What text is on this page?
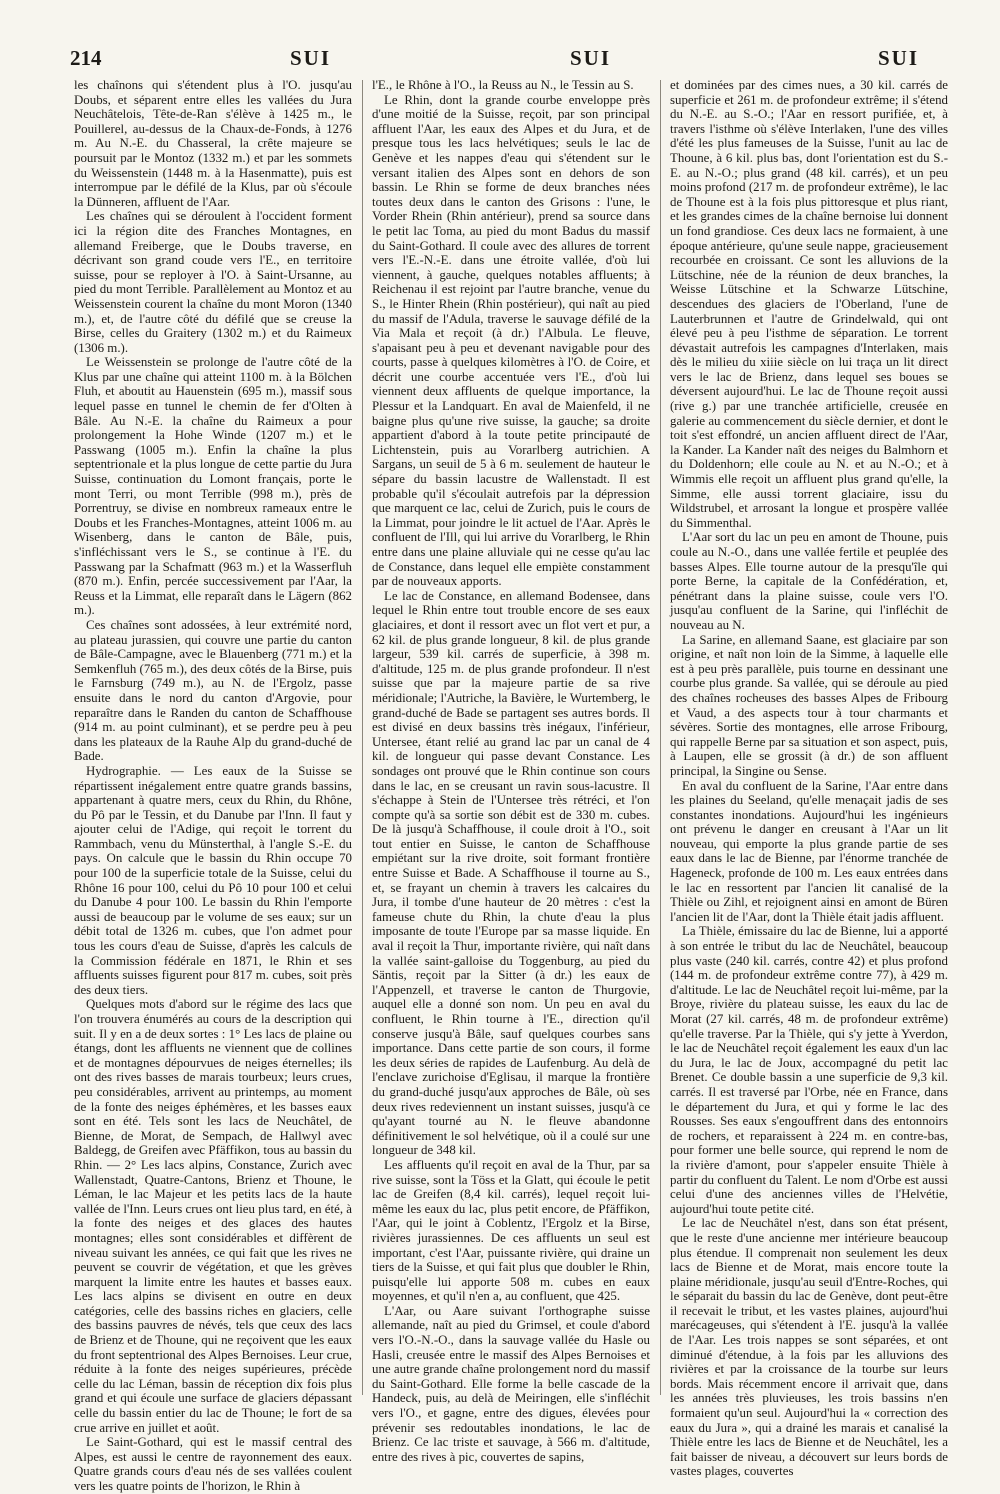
214	SUI	SUI	SUI

les chaînons qui s'étendent plus à l'O. jusqu'au Doubs, et séparent entre elles les vallées du Jura Neuchâtelois, Tête-de-Ran s'élève à 1425 m., le Pouillerel, au-dessus de la Chaux-de-Fonds, à 1276 m. Au N.-E. du Chasseral, la crête majeure se poursuit par le Montoz (1332 m.) et par les sommets du Weissenstein (1448 m. à la Hasenmatte), puis est interrompue par le défilé de la Klus, par où s'écoule la Dünneren, affluent de l'Aar.

Les chaînes qui se déroulent à l'occident forment ici la région dite des Franches Montagnes, en allemand Freiberge, que le Doubs traverse, en décrivant son grand coude vers l'E., en territoire suisse, pour se reployer à l'O. à Saint-Ursanne, au pied du mont Terrible. Parallèlement au Montoz et au Weissenstein courent la chaîne du mont Moron (1340 m.), et, de l'autre côté du défilé que se creuse la Birse, celles du Graitery (1302 m.) et du Raimeux (1306 m.).

Le Weissenstein se prolonge de l'autre côté de la Klus par une chaîne qui atteint 1100 m. à la Bölchen Fluh, et aboutit au Hauenstein (695 m.), massif sous lequel passe en tunnel le chemin de fer d'Olten à Bâle. Au N.-E. la chaîne du Raimeux a pour prolongement la Hohe Winde (1207 m.) et le Passwang (1005 m.). Enfin la chaîne la plus septentrionale et la plus longue de cette partie du Jura Suisse, continuation du Lomont français, porte le mont Terri, ou mont Terrible (998 m.), près de Porrentruy, se divise en nombreux rameaux entre le Doubs et les Franches-Montagnes, atteint 1006 m. au Wisenberg, dans le canton de Bâle, puis, s'infléchissant vers le S., se continue à l'E. du Passwang par la Schafmatt (963 m.) et la Wasserfluh (870 m.). Enfin, percée successivement par l'Aar, la Reuss et la Limmat, elle reparaît dans le Lägern (862 m.).

Ces chaînes sont adossées, à leur extrémité nord, au plateau jurassien, qui couvre une partie du canton de Bâle-Campagne, avec le Blauenberg (771 m.) et la Semkenfluh (765 m.), des deux côtés de la Birse, puis le Farnsburg (749 m.), au N. de l'Ergolz, passe ensuite dans le nord du canton d'Argovie, pour reparaître dans le Randen du canton de Schaffhouse (914 m. au point culminant), et se perdre peu à peu dans les plateaux de la Rauhe Alp du grand-duché de Bade.

Hydrographie. — Les eaux de la Suisse se répartissent inégalement entre quatre grands bassins, appartenant à quatre mers, ceux du Rhin, du Rhône, du Pô par le Tessin, et du Danube par l'Inn. Il faut y ajouter celui de l'Adige, qui reçoit le torrent du Rammbach, venu du Münsterthal, à l'angle S.-E. du pays. On calcule que le bassin du Rhin occupe 70 pour 100 de la superficie totale de la Suisse, celui du Rhône 16 pour 100, celui du Pô 10 pour 100 et celui du Danube 4 pour 100. Le bassin du Rhin l'emporte aussi de beaucoup par le volume de ses eaux; sur un débit total de 1326 m. cubes, que l'on admet pour tous les cours d'eau de Suisse, d'après les calculs de la Commission fédérale en 1871, le Rhin et ses affluents suisses figurent pour 817 m. cubes, soit près des deux tiers.

Quelques mots d'abord sur le régime des lacs que l'on trouvera énumérés au cours de la description qui suit. Il y en a de deux sortes : 1° Les lacs de plaine ou étangs, dont les affluents ne viennent que de collines et de montagnes dépourvues de neiges éternelles; ils ont des rives basses de marais tourbeux; leurs crues, peu considérables, arrivent au printemps, au moment de la fonte des neiges éphémères, et les basses eaux sont en été. Tels sont les lacs de Neuchâtel, de Bienne, de Morat, de Sempach, de Hallwyl avec Baldegg, de Greifen avec Pfäffikon, tous au bassin du Rhin. — 2° Les lacs alpins, Constance, Zurich avec Wallenstadt, Quatre-Cantons, Brienz et Thoune, le Léman, le lac Majeur et les petits lacs de la haute vallée de l'Inn. Leurs crues ont lieu plus tard, en été, à la fonte des neiges et des glaces des hautes montagnes; elles sont considérables et diffèrent de niveau suivant les années, ce qui fait que les rives ne peuvent se couvrir de végétation, et que les grèves marquent la limite entre les hautes et basses eaux. Les lacs alpins se divisent en outre en deux catégories, celle des bassins riches en glaciers, celle des bassins pauvres de névés, tels que ceux des lacs de Brienz et de Thoune, qui ne reçoivent que les eaux du front septentrional des Alpes Bernoises. Leur crue, réduite à la fonte des neiges supérieures, précède celle du lac Léman, bassin de réception dix fois plus grand et qui écoule une surface de glaciers dépassant celle du bassin entier du lac de Thoune; le fort de sa crue arrive en juillet et août.

Le Saint-Gothard, qui est le massif central des Alpes, est aussi le centre de rayonnement des eaux. Quatre grands cours d'eau nés de ses vallées coulent vers les quatre points de l'horizon, le Rhin à

l'E., le Rhône à l'O., la Reuss au N., le Tessin au S.

Le Rhin, dont la grande courbe enveloppe près d'une moitié de la Suisse, reçoit, par son principal affluent l'Aar, les eaux des Alpes et du Jura, et de presque tous les lacs helvétiques; seuls le lac de Genève et les nappes d'eau qui s'étendent sur le versant italien des Alpes sont en dehors de son bassin. Le Rhin se forme de deux branches nées toutes deux dans le canton des Grisons : l'une, le Vorder Rhein (Rhin antérieur), prend sa source dans le petit lac Toma, au pied du mont Badus du massif du Saint-Gothard. Il coule avec des allures de torrent vers l'E.-N.-E. dans une étroite vallée, d'où lui viennent, à gauche, quelques notables affluents; à Reichenau il est rejoint par l'autre branche, venue du S., le Hinter Rhein (Rhin postérieur), qui naît au pied du massif de l'Adula, traverse le sauvage défilé de la Via Mala et reçoit (à dr.) l'Albula. Le fleuve, s'apaisant peu à peu et devenant navigable pour des courts, passe à quelques kilomètres à l'O. de Coire, et décrit une courbe accentuée vers l'E., d'où lui viennent deux affluents de quelque importance, la Plessur et la Landquart. En aval de Maienfeld, il ne baigne plus qu'une rive suisse, la gauche; sa droite appartient d'abord à la toute petite principauté de Lichtenstein, puis au Vorarlberg autrichien. A Sargans, un seuil de 5 à 6 m. seulement de hauteur le sépare du bassin lacustre de Wallenstadt. Il est probable qu'il s'écoulait autrefois par la dépression que marquent ce lac, celui de Zurich, puis le cours de la Limmat, pour joindre le lit actuel de l'Aar. Après le confluent de l'Ill, qui lui arrive du Vorarlberg, le Rhin entre dans une plaine alluviale qui ne cesse qu'au lac de Constance, dans lequel elle empiète constamment par de nouveaux apports.

Le lac de Constance, en allemand Bodensee, dans lequel le Rhin entre tout trouble encore de ses eaux glaciaires, et dont il ressort avec un flot vert et pur, a 62 kil. de plus grande longueur, 8 kil. de plus grande largeur, 539 kil. carrés de superficie, à 398 m. d'altitude, 125 m. de plus grande profondeur. Il n'est suisse que par la majeure partie de sa rive méridionale; l'Autriche, la Bavière, le Wurtemberg, le grand-duché de Bade se partagent ses autres bords. Il est divisé en deux bassins très inégaux, l'inférieur, Untersee, étant relié au grand lac par un canal de 4 kil. de longueur qui passe devant Constance. Les sondages ont prouvé que le Rhin continue son cours dans le lac, en se creusant un ravin sous-lacustre. Il s'échappe à Stein de l'Untersee très rétréci, et l'on compte qu'à sa sortie son débit est de 330 m. cubes. De là jusqu'à Schaffhouse, il coule droit à l'O., soit tout entier en Suisse, le canton de Schaffhouse empiétant sur la rive droite, soit formant frontière entre Suisse et Bade. A Schaffhouse il tourne au S., et, se frayant un chemin à travers les calcaires du Jura, il tombe d'une hauteur de 20 mètres : c'est la fameuse chute du Rhin, la chute d'eau la plus imposante de toute l'Europe par sa masse liquide. En aval il reçoit la Thur, importante rivière, qui naît dans la vallée saint-galloise du Toggenburg, au pied du Säntis, reçoit par la Sitter (à dr.) les eaux de l'Appenzell, et traverse le canton de Thurgovie, auquel elle a donné son nom. Un peu en aval du confluent, le Rhin tourne à l'E., direction qu'il conserve jusqu'à Bâle, sauf quelques courbes sans importance. Dans cette partie de son cours, il forme les deux séries de rapides de Laufenburg. Au delà de l'enclave zurichoise d'Eglisau, il marque la frontière du grand-duché jusqu'aux approches de Bâle, où ses deux rives redeviennent un instant suisses, jusqu'à ce qu'ayant tourné au N. le fleuve abandonne définitivement le sol helvétique, où il a coulé sur une longueur de 348 kil.

Les affluents qu'il reçoit en aval de la Thur, par sa rive suisse, sont la Töss et la Glatt, qui écoule le petit lac de Greifen (8,4 kil. carrés), lequel reçoit lui-même les eaux du lac, plus petit encore, de Pfäffikon, l'Aar, qui le joint à Coblentz, l'Ergolz et la Birse, rivières jurassiennes. De ces affluents un seul est important, c'est l'Aar, puissante rivière, qui draine un tiers de la Suisse, et qui fait plus que doubler le Rhin, puisqu'elle lui apporte 508 m. cubes en eaux moyennes, et qu'il n'en a, au confluent, que 425.

L'Aar, ou Aare suivant l'orthographe suisse allemande, naît au pied du Grimsel, et coule d'abord vers l'O.-N.-O., dans la sauvage vallée du Hasle ou Hasli, creusée entre le massif des Alpes Bernoises et une autre grande chaîne prolongement nord du massif du Saint-Gothard. Elle forme la belle cascade de la Handeck, puis, au delà de Meiringen, elle s'infléchit vers l'O., et gagne, entre des digues, élevées pour prévenir ses redoutables inondations, le lac de Brienz. Ce lac triste et sauvage, à 566 m. d'altitude, entre des rives à pic, couvertes de sapins,

et dominées par des cimes nues, a 30 kil. carrés de superficie et 261 m. de profondeur extrême; il s'étend du N.-E. au S.-O.; l'Aar en ressort purifiée, et, à travers l'isthme où s'élève Interlaken, l'une des villes d'été les plus fameuses de la Suisse, l'unit au lac de Thoune, à 6 kil. plus bas, dont l'orientation est du S.-E. au N.-O.; plus grand (48 kil. carrés), et un peu moins profond (217 m. de profondeur extrême), le lac de Thoune est à la fois plus pittoresque et plus riant, et les grandes cimes de la chaîne bernoise lui donnent un fond grandiose. Ces deux lacs ne formaient, à une époque antérieure, qu'une seule nappe, gracieusement recourbée en croissant. Ce sont les alluvions de la Lütschine, née de la réunion de deux branches, la Weisse Lütschine et la Schwarze Lütschine, descendues des glaciers de l'Oberland, l'une de Lauterbrunnen et l'autre de Grindelwald, qui ont élevé peu à peu l'isthme de séparation. Le torrent dévastait autrefois les campagnes d'Interlaken, mais dès le milieu du xiiie siècle on lui traça un lit direct vers le lac de Brienz, dans lequel ses boues se déversent aujourd'hui. Le lac de Thoune reçoit aussi (rive g.) par une tranchée artificielle, creusée en galerie au commencement du siècle dernier, et dont le toit s'est effondré, un ancien affluent direct de l'Aar, la Kander. La Kander naît des neiges du Balmhorn et du Doldenhorn; elle coule au N. et au N.-O.; et à Wimmis elle reçoit un affluent plus grand qu'elle, la Simme, elle aussi torrent glaciaire, issu du Wildstrubel, et arrosant la longue et prospère vallée du Simmenthal.

L'Aar sort du lac un peu en amont de Thoune, puis coule au N.-O., dans une vallée fertile et peuplée des basses Alpes. Elle tourne autour de la presqu'île qui porte Berne, la capitale de la Confédération, et, pénétrant dans la plaine suisse, coule vers l'O. jusqu'au confluent de la Sarine, qui l'infléchit de nouveau au N.

La Sarine, en allemand Saane, est glaciaire par son origine, et naît non loin de la Simme, à laquelle elle est à peu près parallèle, puis tourne en dessinant une courbe plus grande. Sa vallée, qui se déroule au pied des chaînes rocheuses des basses Alpes de Fribourg et Vaud, a des aspects tour à tour charmants et sévères. Sortie des montagnes, elle arrose Fribourg, qui rappelle Berne par sa situation et son aspect, puis, à Laupen, elle se grossit (à dr.) de son affluent principal, la Singine ou Sense.

En aval du confluent de la Sarine, l'Aar entre dans les plaines du Seeland, qu'elle menaçait jadis de ses constantes inondations. Aujourd'hui les ingénieurs ont prévenu le danger en creusant à l'Aar un lit nouveau, qui emporte la plus grande partie de ses eaux dans le lac de Bienne, par l'énorme tranchée de Hageneck, profonde de 100 m. Les eaux entrées dans le lac en ressortent par l'ancien lit canalisé de la Thièle ou Zihl, et rejoignent ainsi en amont de Büren l'ancien lit de l'Aar, dont la Thièle était jadis affluent.

La Thièle, émissaire du lac de Bienne, lui a apporté à son entrée le tribut du lac de Neuchâtel, beaucoup plus vaste (240 kil. carrés, contre 42) et plus profond (144 m. de profondeur extrême contre 77), à 429 m. d'altitude. Le lac de Neuchâtel reçoit lui-même, par la Broye, rivière du plateau suisse, les eaux du lac de Morat (27 kil. carrés, 48 m. de profondeur extrême) qu'elle traverse. Par la Thièle, qui s'y jette à Yverdon, le lac de Neuchâtel reçoit également les eaux d'un lac du Jura, le lac de Joux, accompagné du petit lac Brenet. Ce double bassin a une superficie de 9,3 kil. carrés. Il est traversé par l'Orbe, née en France, dans le département du Jura, et qui y forme le lac des Rousses. Ses eaux s'engouffrent dans des entonnoirs de rochers, et reparaissent à 224 m. en contre-bas, pour former une belle source, qui reprend le nom de la rivière d'amont, pour s'appeler ensuite Thièle à partir du confluent du Talent. Le nom d'Orbe est aussi celui d'une des anciennes villes de l'Helvétie, aujourd'hui toute petite cité.

Le lac de Neuchâtel n'est, dans son état présent, que le reste d'une ancienne mer intérieure beaucoup plus étendue. Il comprenait non seulement les deux lacs de Bienne et de Morat, mais encore toute la plaine méridionale, jusqu'au seuil d'Entre-Roches, qui le séparait du bassin du lac de Genève, dont peut-être il recevait le tribut, et les vastes plaines, aujourd'hui marécageuses, qui s'étendent à l'E. jusqu'à la vallée de l'Aar. Les trois nappes se sont séparées, et ont diminué d'étendue, à la fois par les alluvions des rivières et par la croissance de la tourbe sur leurs bords. Mais récemment encore il arrivait que, dans les années très pluvieuses, les trois bassins n'en formaient qu'un seul. Aujourd'hui la « correction des eaux du Jura », qui a drainé les marais et canalisé la Thièle entre les lacs de Bienne et de Neuchâtel, les a fait baisser de niveau, a découvert sur leurs bords de vastes plages, couvertes
